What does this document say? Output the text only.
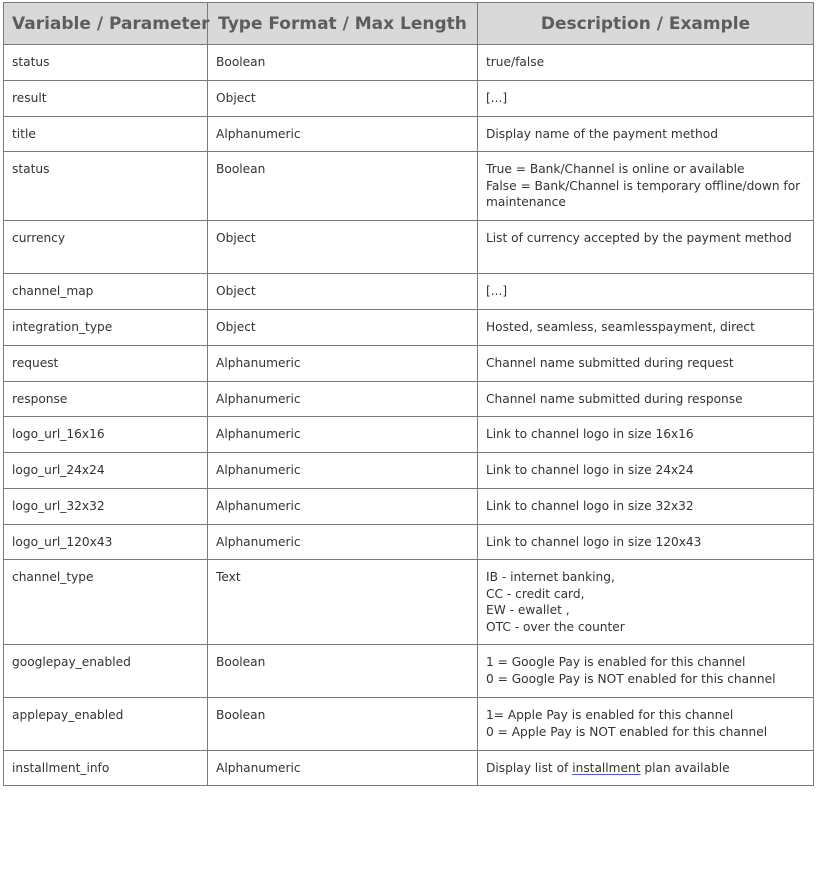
Variable / Parameter	Type Format / Max Length	Description / Example
status	Boolean	true/false

result	Object	[...]

title	Alphanumeric	Display name of the payment method

status	Boolean	True = Bank/Channel is online or available
False = Bank/Channel is temporary offline/down for maintenance

currency	Object	List of currency accepted by the payment method

channel_map	Object	[...]

integration_type	Object	Hosted, seamless, seamlesspayment, direct

request	Alphanumeric	Channel name submitted during request

response	Alphanumeric	Channel name submitted during response

logo_url_16x16	Alphanumeric	Link to channel logo in size 16x16

logo_url_24x24	Alphanumeric	Link to channel logo in size 24x24

logo_url_32x32	Alphanumeric	Link to channel logo in size 32x32

logo_url_120x43	Alphanumeric	Link to channel logo in size 120x43

channel_type	Text	IB - internet banking,
CC - credit card,
EW - ewallet ,
OTC - over the counter

googlepay_enabled	Boolean	1 = Google Pay is enabled for this channel
0 = Google Pay is NOT enabled for this channel

applepay_enabled	Boolean	1= Apple Pay is enabled for this channel
0 = Apple Pay is NOT enabled for this channel

installment_info	Alphanumeric	Display list of installment plan available
